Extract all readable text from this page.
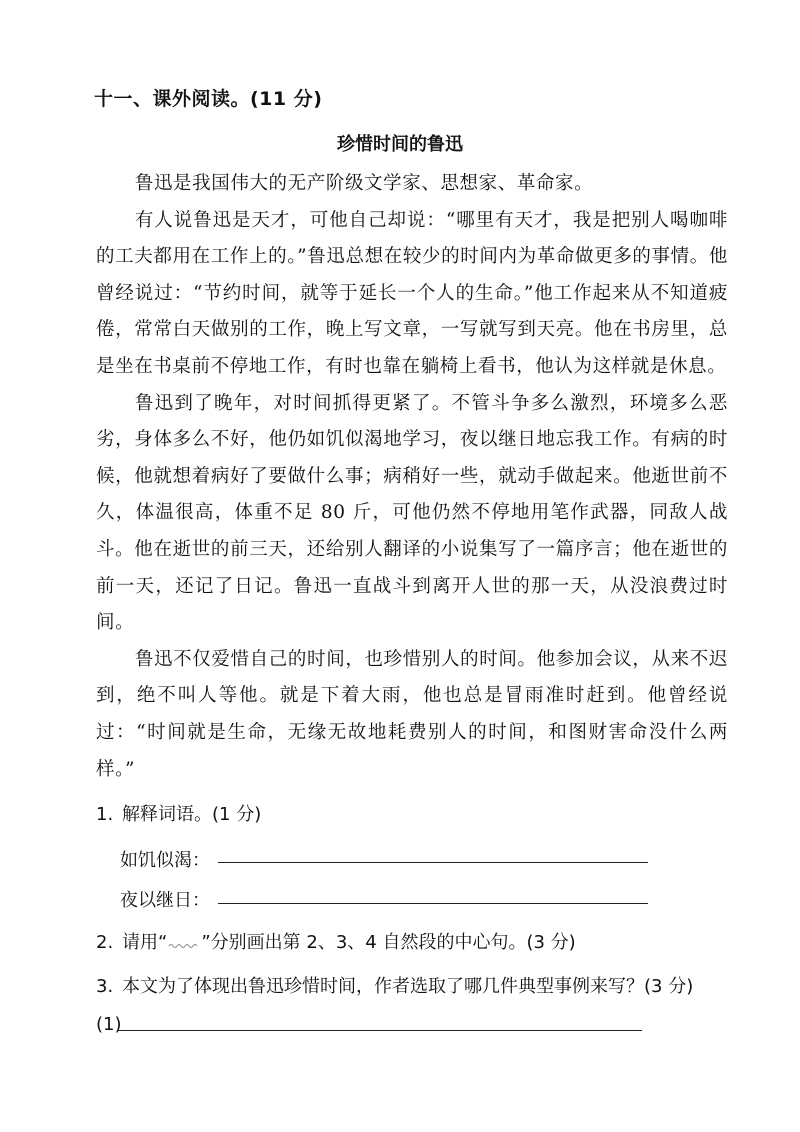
十一、课外阅读。(11 分)
珍惜时间的鲁迅

鲁迅是我国伟大的无产阶级文学家、思想家、革命家。

有人说鲁迅是天才，可他自己却说：“哪里有天才，我是把别人喝咖啡的工夫都用在工作上的。”鲁迅总想在较少的时间内为革命做更多的事情。他曾经说过：“节约时间，就等于延长一个人的生命。”他工作起来从不知道疲倦，常常白天做别的工作，晚上写文章，一写就写到天亮。他在书房里，总是坐在书桌前不停地工作，有时也靠在躺椅上看书，他认为这样就是休息。

鲁迅到了晚年，对时间抓得更紧了。不管斗争多么激烈，环境多么恶劣，身体多么不好，他仍如饥似渴地学习，夜以继日地忘我工作。有病的时候，他就想着病好了要做什么事；病稍好一些，就动手做起来。他逝世前不久，体温很高，体重不足 80 斤，可他仍然不停地用笔作武器，同敌人战斗。他在逝世的前三天，还给别人翻译的小说集写了一篇序言；他在逝世的前一天，还记了日记。鲁迅一直战斗到离开人世的那一天，从没浪费过时间。

鲁迅不仅爱惜自己的时间，也珍惜别人的时间。他参加会议，从来不迟到，绝不叫人等他。就是下着大雨，他也总是冒雨准时赶到。他曾经说过：“时间就是生命，无缘无故地耗费别人的时间，和图财害命没什么两样。”

1. 解释词语。(1 分)
如饥似渴：
夜以继日：
2. 请用“ ”分别画出第 2、3、4 自然段的中心句。(3 分)
3. 本文为了体现出鲁迅珍惜时间，作者选取了哪几件典型事例来写？(3 分)
(1)
